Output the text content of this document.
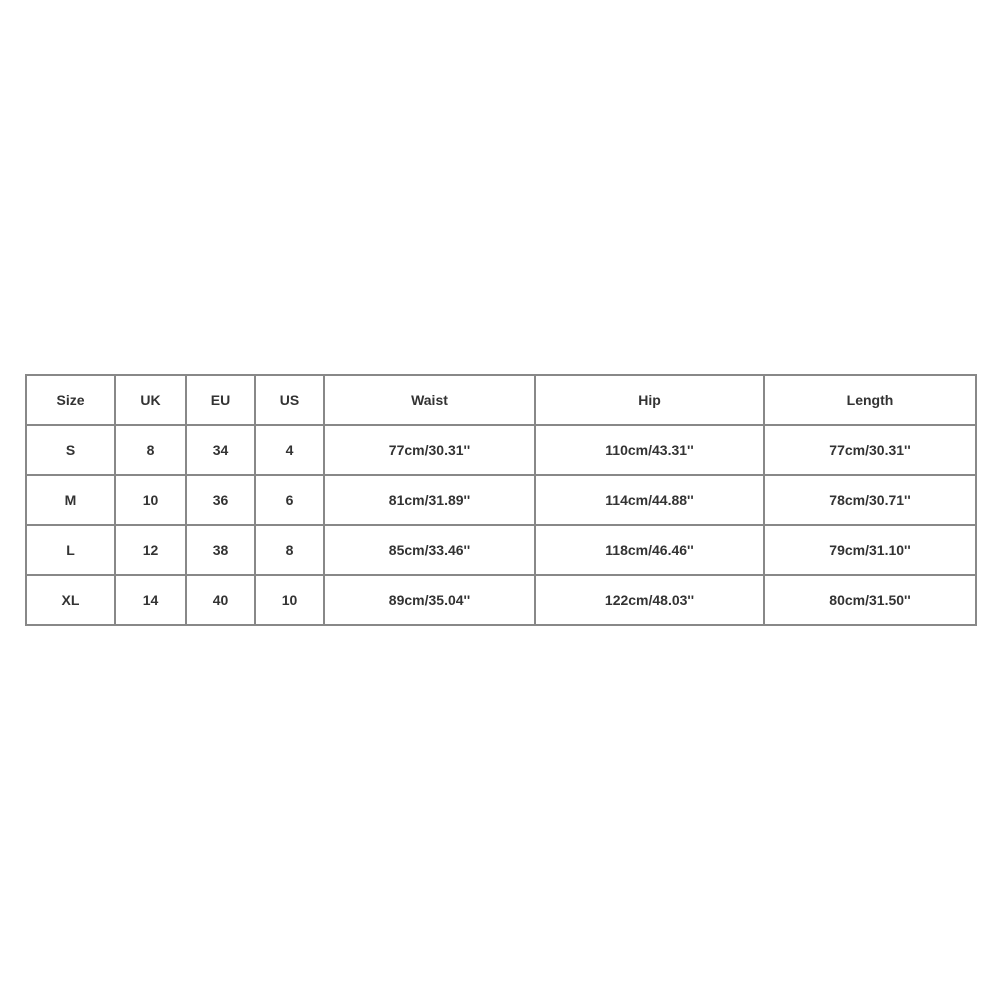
Size	UK	EU	US	Waist	Hip	Length
S	8	34	4	77cm/30.31''	110cm/43.31''	77cm/30.31''
M	10	36	6	81cm/31.89''	114cm/44.88''	78cm/30.71''
L	12	38	8	85cm/33.46''	118cm/46.46''	79cm/31.10''
XL	14	40	10	89cm/35.04''	122cm/48.03''	80cm/31.50''
